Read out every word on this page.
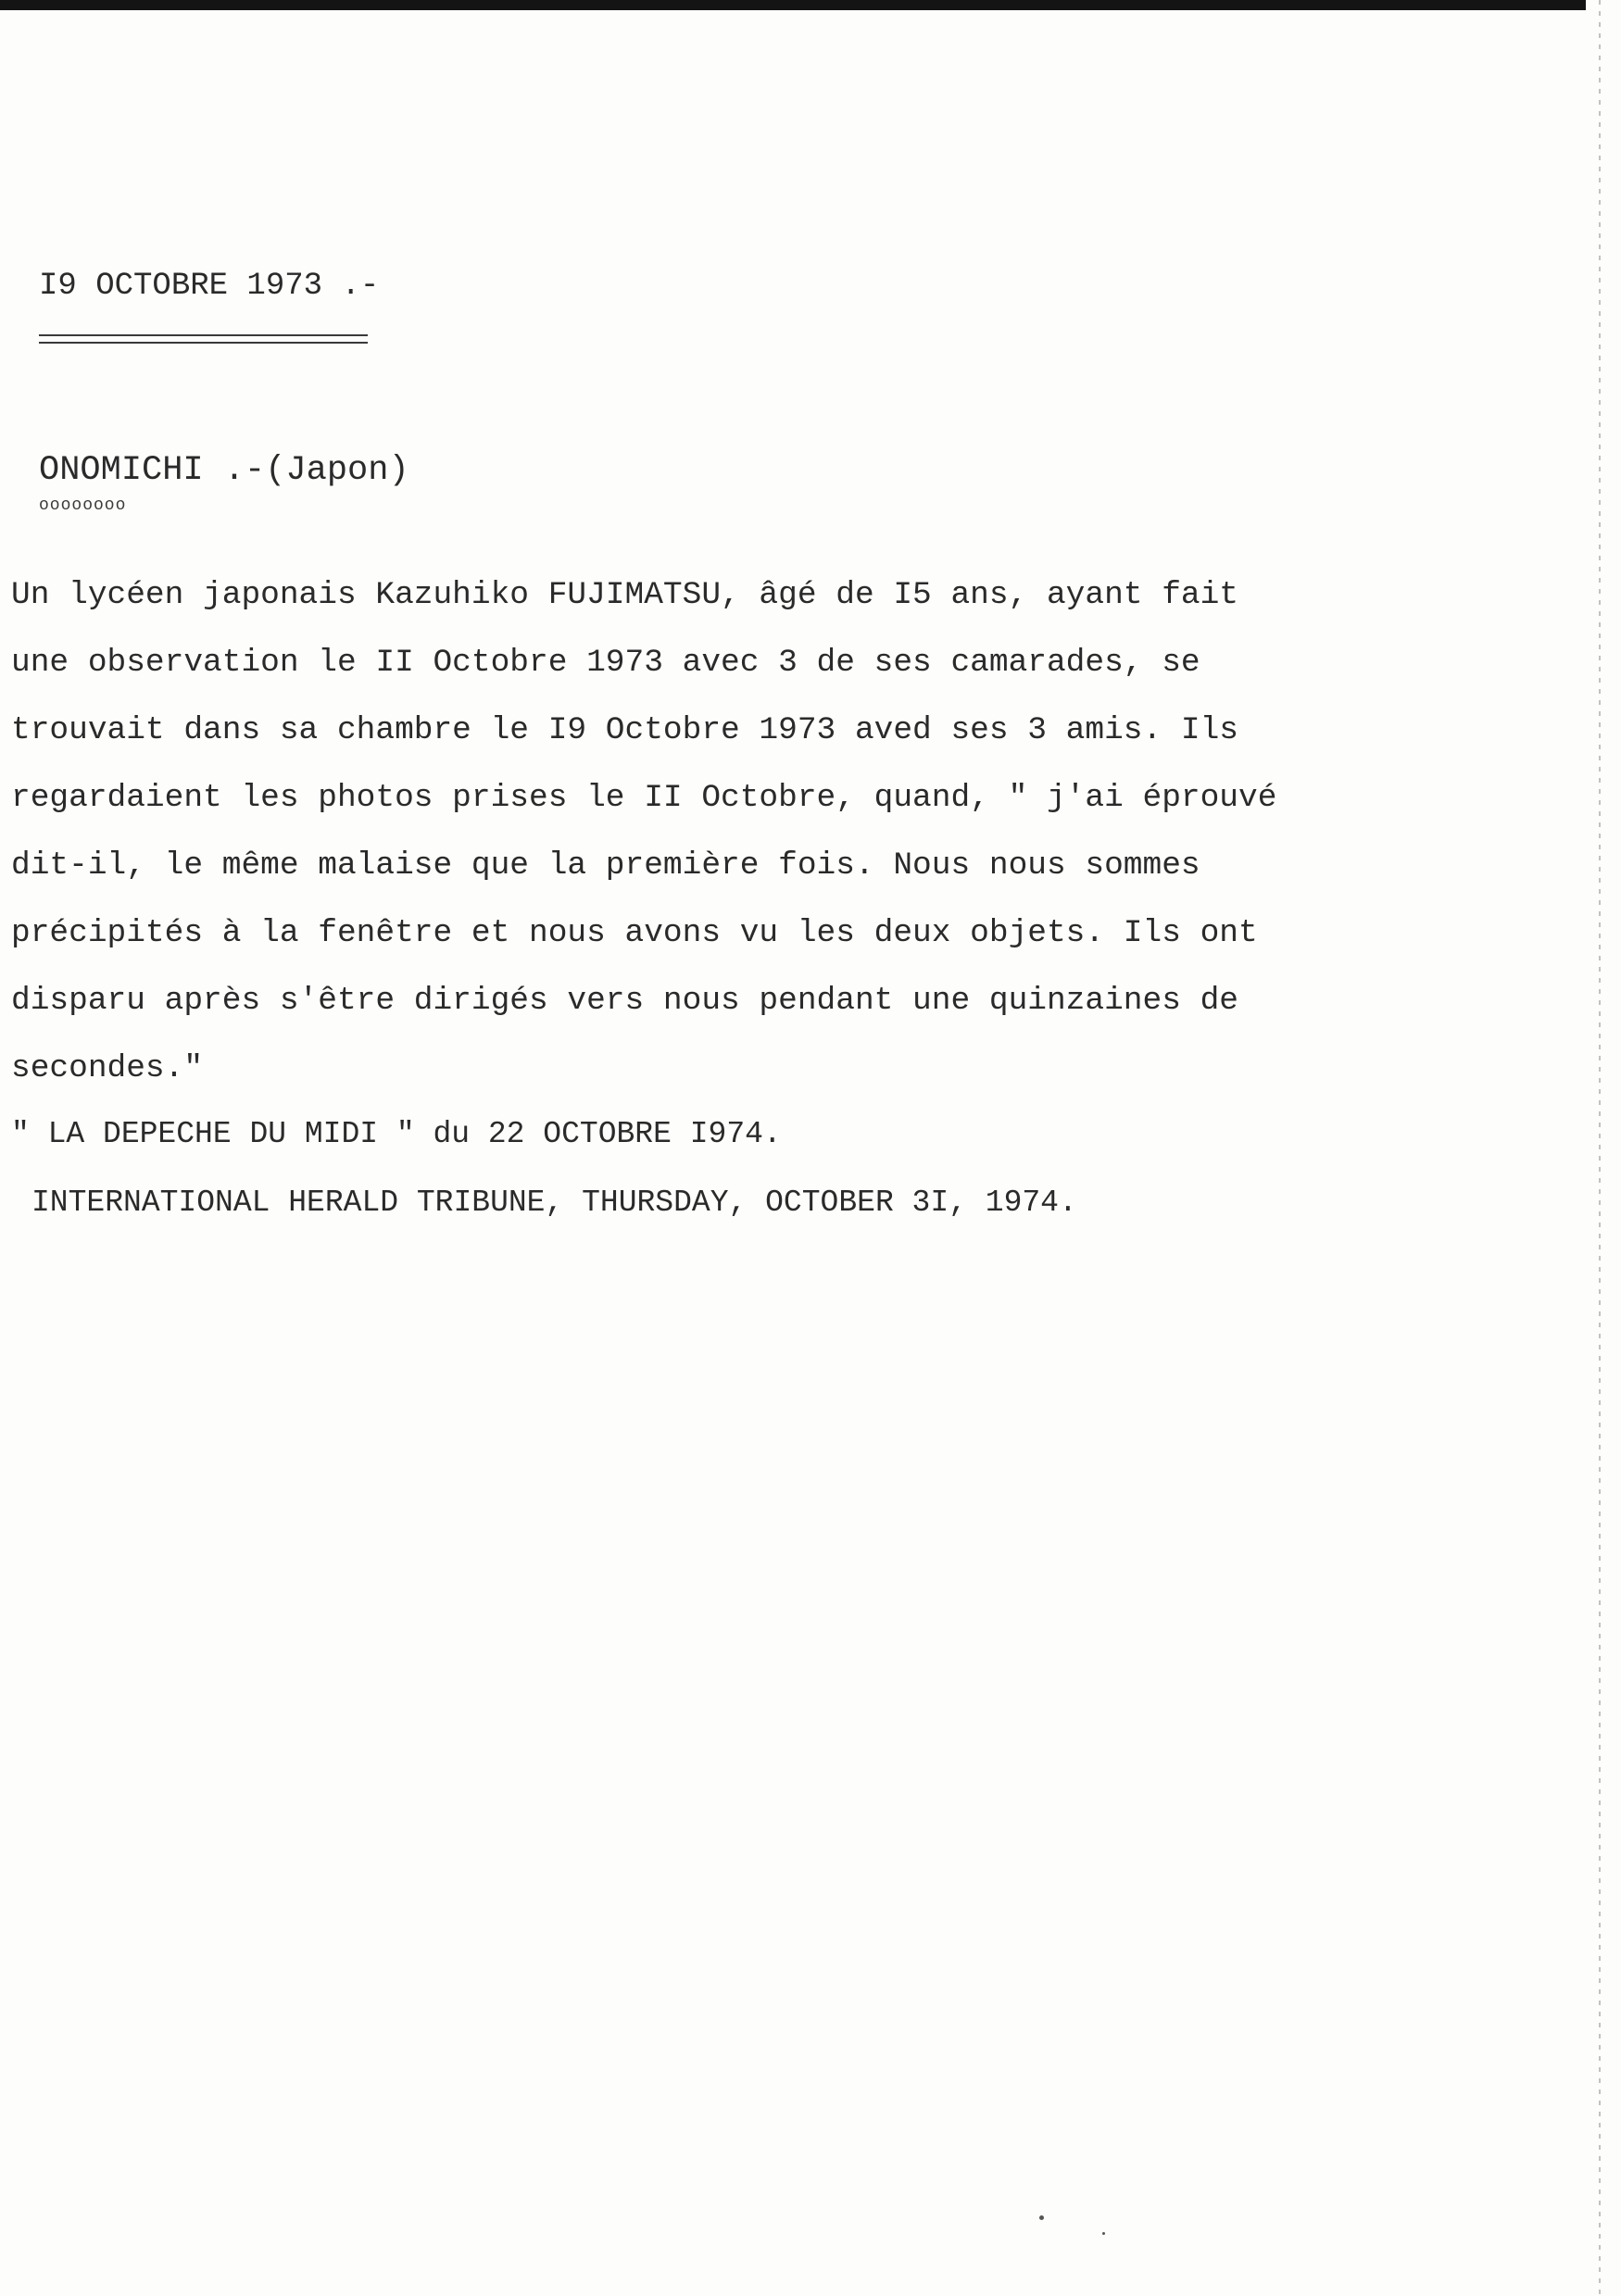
I9 OCTOBRE 1973 .-
ONOMICHI .-(Japon)
oooooooo
Un lycéen japonais Kazuhiko FUJIMATSU, âgé de I5 ans, ayant fait
une observation le II Octobre 1973 avec 3 de ses camarades, se
trouvait dans sa chambre le I9 Octobre 1973 aved ses 3 amis. Ils
regardaient les photos prises le II Octobre, quand, " j'ai éprouvé
dit-il, le même malaise que la première fois. Nous nous sommes
précipités à la fenêtre et nous avons vu les deux objets. Ils ont
disparu après s'être dirigés vers nous pendant une quinzaines de
secondes."
" LA DEPECHE DU MIDI " du 22 OCTOBRE I974.
INTERNATIONAL HERALD TRIBUNE, THURSDAY, OCTOBER 3I, 1974.
